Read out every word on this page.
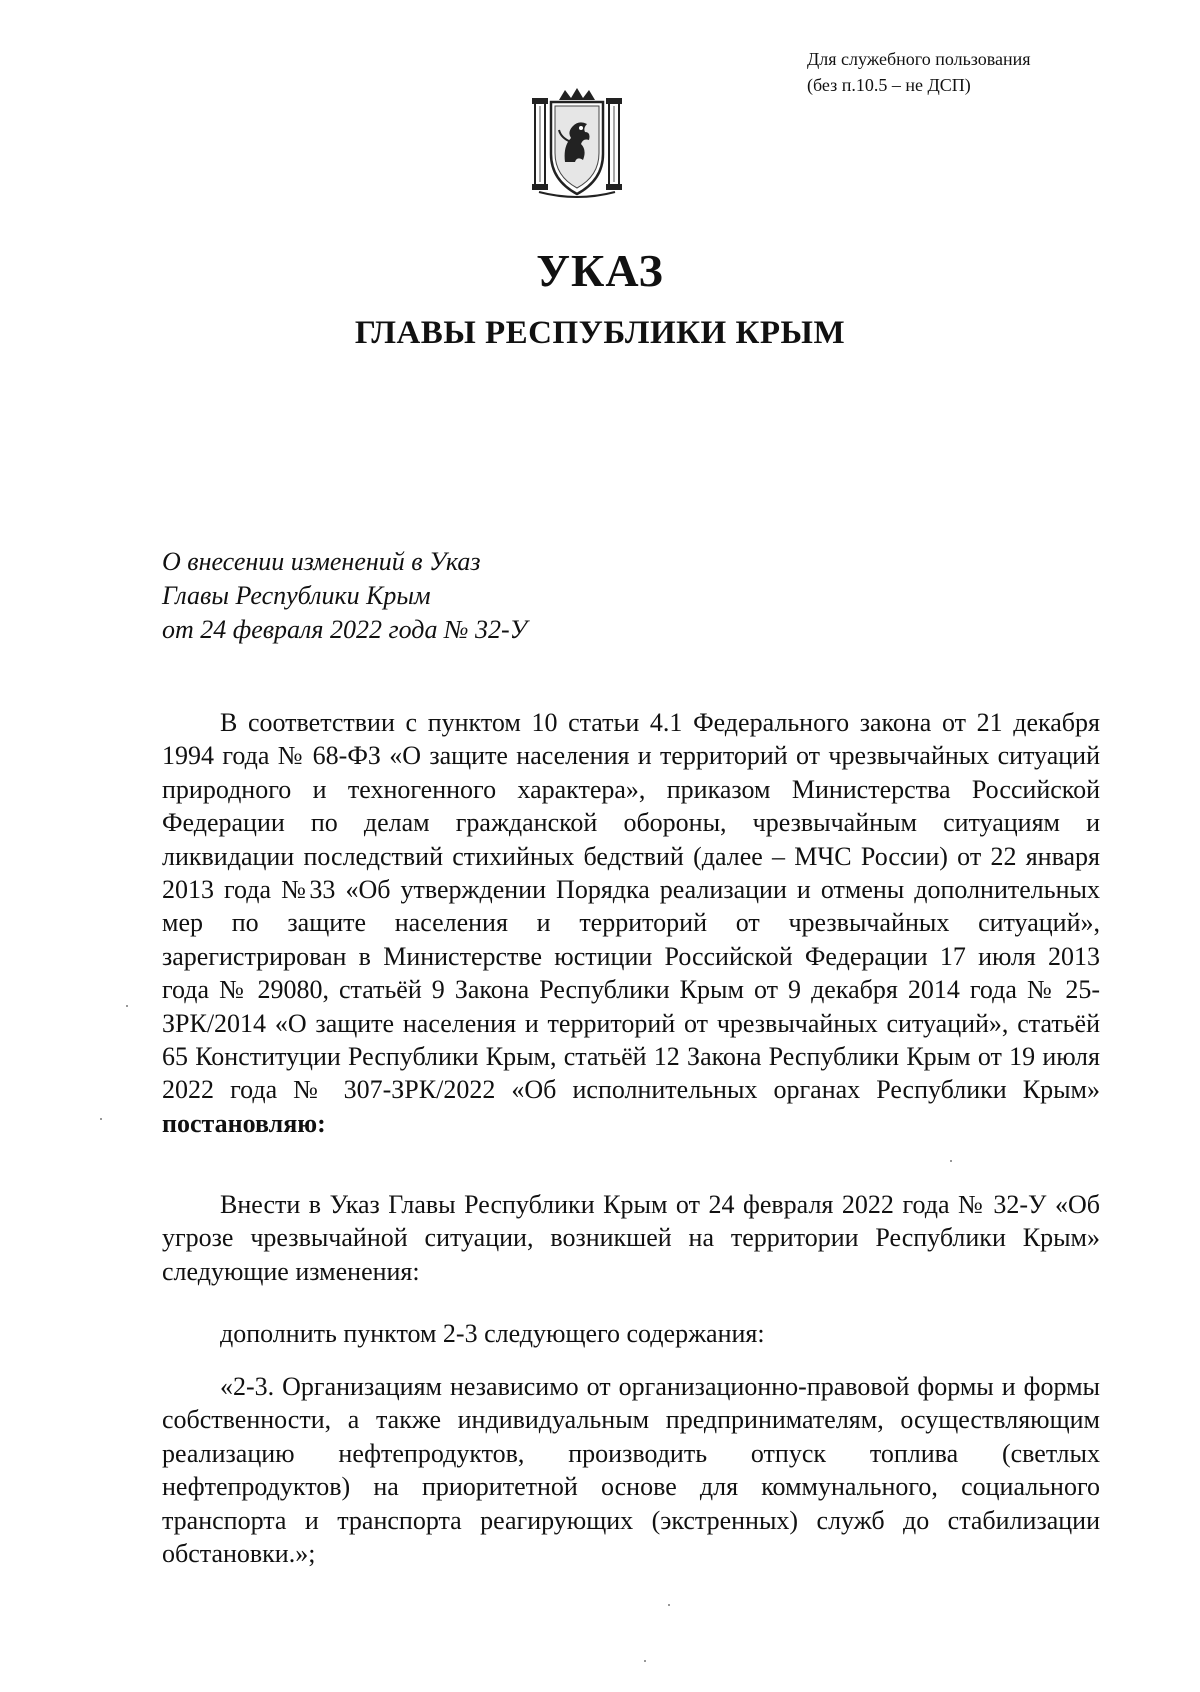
Для служебного пользования
(без п.10.5 – не ДСП)
УКАЗ
ГЛАВЫ РЕСПУБЛИКИ КРЫМ
О внесении изменений в Указ
Главы Республики Крым
от 24 февраля 2022 года № 32-У
В соответствии с пунктом 10 статьи 4.1 Федерального закона от 21 декабря 1994 года № 68-ФЗ «О защите населения и территорий от чрезвычайных ситуаций природного и техногенного характера», приказом Министерства Российской Федерации по делам гражданской обороны, чрезвычайным ситуациям и ликвидации последствий стихийных бедствий (далее – МЧС России) от 22 января 2013 года №33 «Об утверждении Порядка реализации и отмены дополнительных мер по защите населения и территорий от чрезвычайных ситуаций», зарегистрирован в Министерстве юстиции Российской Федерации 17 июля 2013 года № 29080, статьёй 9 Закона Республики Крым от 9 декабря 2014 года № 25-ЗРК/2014 «О защите населения и территорий от чрезвычайных ситуаций», статьёй 65 Конституции Республики Крым, статьёй 12 Закона Республики Крым от 19 июля 2022 года № 307-ЗРК/2022 «Об исполнительных органах Республики Крым» постановляю:
Внести в Указ Главы Республики Крым от 24 февраля 2022 года № 32-У «Об угрозе чрезвычайной ситуации, возникшей на территории Республики Крым» следующие изменения:
дополнить пунктом 2-3 следующего содержания:
«2-3. Организациям независимо от организационно-правовой формы и формы собственности, а также индивидуальным предпринимателям, осуществляющим реализацию нефтепродуктов, производить отпуск топлива (светлых нефтепродуктов) на приоритетной основе для коммунального, социального транспорта и транспорта реагирующих (экстренных) служб до стабилизации обстановки.»;
